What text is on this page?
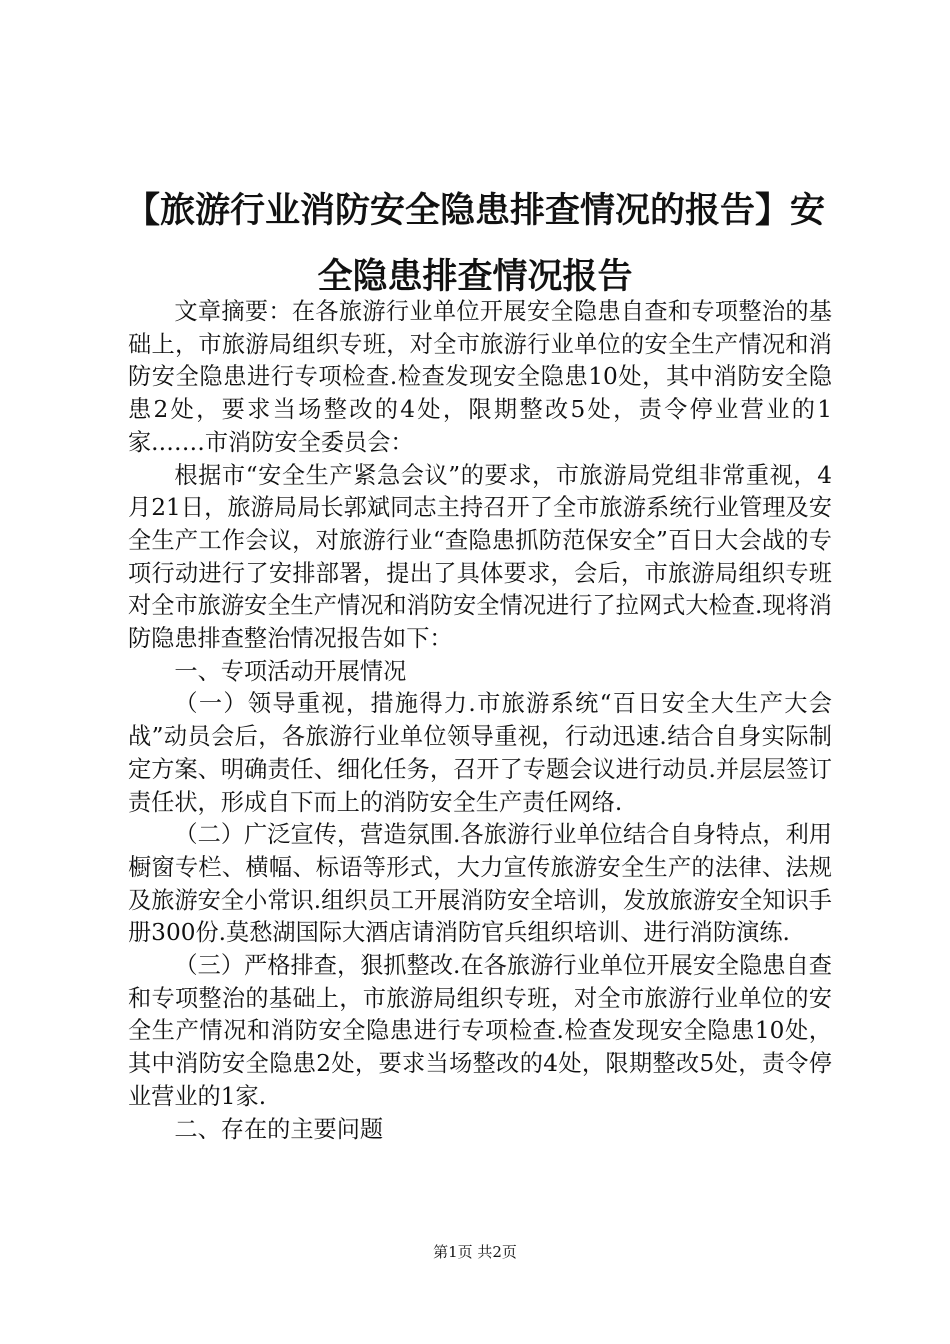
【旅游行业消防安全隐患排查情况的报告】安全隐患排查情况报告

文章摘要：在各旅游行业单位开展安全隐患自查和专项整治的基础上，市旅游局组织专班，对全市旅游行业单位的安全生产情况和消防安全隐患进行专项检查.检查发现安全隐患10处，其中消防安全隐患2处，要求当场整改的4处，限期整改5处，责令停业营业的1家.……市消防安全委员会：

根据市“安全生产紧急会议”的要求，市旅游局党组非常重视，4月21日，旅游局局长郭斌同志主持召开了全市旅游系统行业管理及安全生产工作会议，对旅游行业“查隐患抓防范保安全”百日大会战的专项行动进行了安排部署，提出了具体要求，会后，市旅游局组织专班对全市旅游安全生产情况和消防安全情况进行了拉网式大检查.现将消防隐患排查整治情况报告如下：

一、专项活动开展情况

（一）领导重视，措施得力.市旅游系统“百日安全大生产大会战”动员会后，各旅游行业单位领导重视，行动迅速.结合自身实际制定方案、明确责任、细化任务，召开了专题会议进行动员.并层层签订责任状，形成自下而上的消防安全生产责任网络.

（二）广泛宣传，营造氛围.各旅游行业单位结合自身特点，利用橱窗专栏、横幅、标语等形式，大力宣传旅游安全生产的法律、法规及旅游安全小常识.组织员工开展消防安全培训，发放旅游安全知识手册300份.莫愁湖国际大酒店请消防官兵组织培训、进行消防演练.

（三）严格排查，狠抓整改.在各旅游行业单位开展安全隐患自查和专项整治的基础上，市旅游局组织专班，对全市旅游行业单位的安全生产情况和消防安全隐患进行专项检查.检查发现安全隐患10处，其中消防安全隐患2处，要求当场整改的4处，限期整改5处，责令停业营业的1家.

二、存在的主要问题

第1页 共2页
